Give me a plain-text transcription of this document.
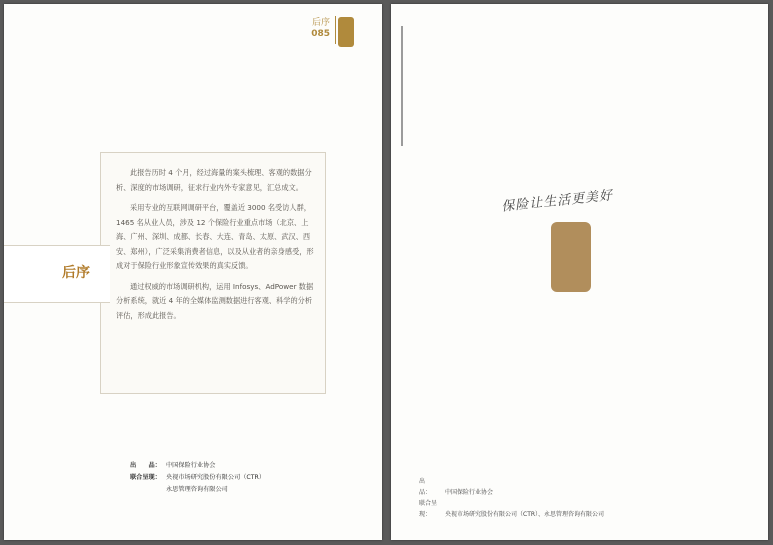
后序
085
后序

此报告历时 4 个月，经过海量的案头梳理、客观的数据分析、深度的市场调研，征求行业内外专家意见，汇总成文。

采用专业的互联网调研平台，覆盖近 3000 名受访人群，1465 名从业人员，涉及 12 个保险行业重点市场（北京、上海、广州、深圳、成都、长春、大连、青岛、太原、武汉、西安、郑州），广泛采集消费者信息，以及从业者的亲身感受，形成对于保险行业形象宣传效果的真实反馈。

通过权威的市场调研机构，运用 Infosys、AdPower 数据分析系统，就近 4 年的全媒体监测数据进行客观、科学的分析评估，形成此报告。

出　　品： 中国保险行业协会
联合呈现： 央视市场研究股份有限公司（CTR）
永思管理咨询有限公司
保险让生活更美好
出　　品： 中国保险行业协会
联合呈现： 央视市场研究股份有限公司（CTR）、永思管理咨询有限公司
